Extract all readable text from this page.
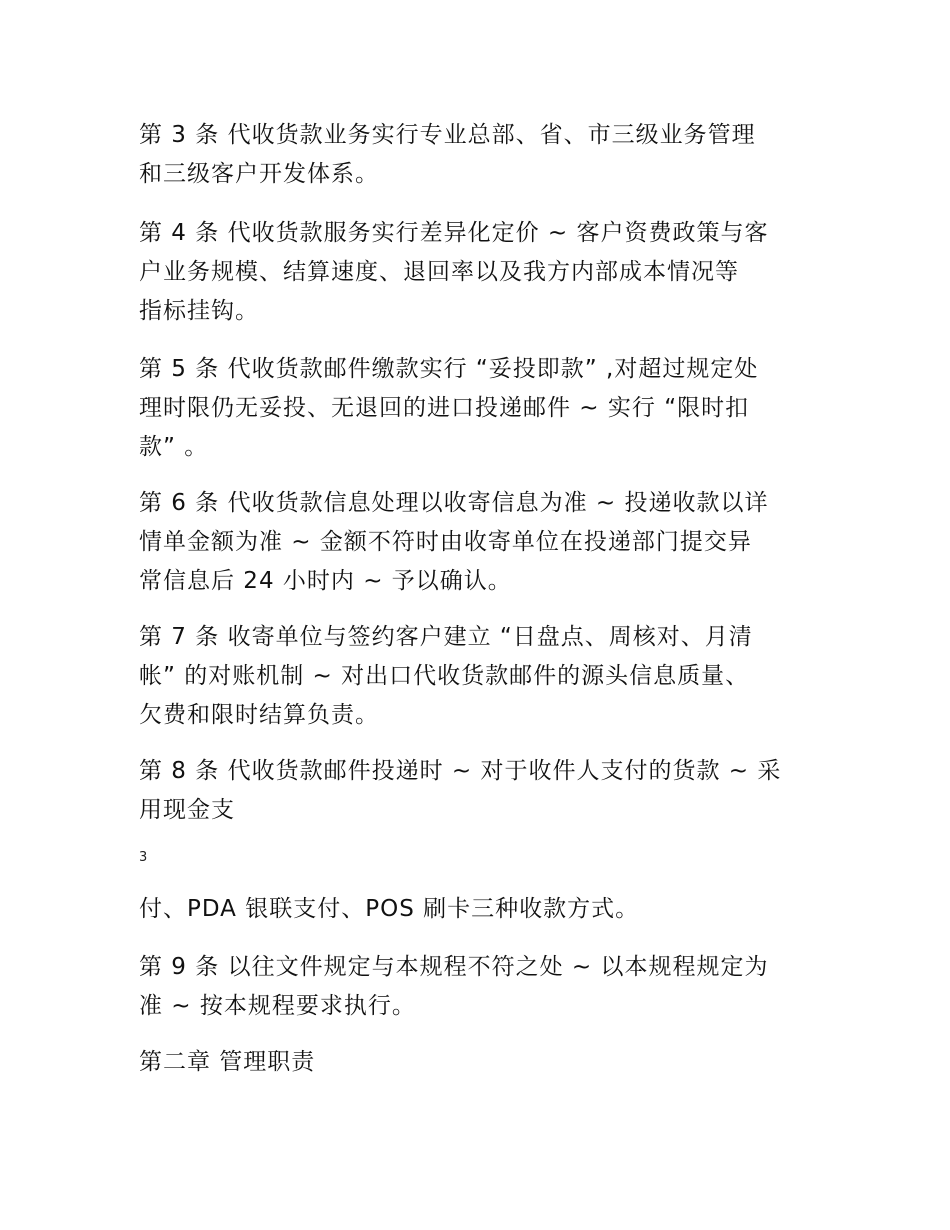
第 3 条 代收货款业务实行专业总部、省、市三级业务管理
和三级客户开发体系。

第 4 条 代收货款服务实行差异化定价 ~ 客户资费政策与客
户业务规模、结算速度、退回率以及我方内部成本情况等
指标挂钩。

第 5 条 代收货款邮件缴款实行 “妥投即款” ,对超过规定处
理时限仍无妥投、无退回的进口投递邮件 ~ 实行 “限时扣
款” 。

第 6 条 代收货款信息处理以收寄信息为准 ~ 投递收款以详
情单金额为准 ~ 金额不符时由收寄单位在投递部门提交异
常信息后 24 小时内 ~ 予以确认。

第 7 条 收寄单位与签约客户建立 “日盘点、周核对、月清
帐” 的对账机制 ~ 对出口代收货款邮件的源头信息质量、
欠费和限时结算负责。

第 8 条 代收货款邮件投递时 ~ 对于收件人支付的货款 ~ 采
用现金支

3

付、PDA 银联支付、POS 刷卡三种收款方式。

第 9 条 以往文件规定与本规程不符之处 ~ 以本规程规定为
准 ~ 按本规程要求执行。

第二章 管理职责
